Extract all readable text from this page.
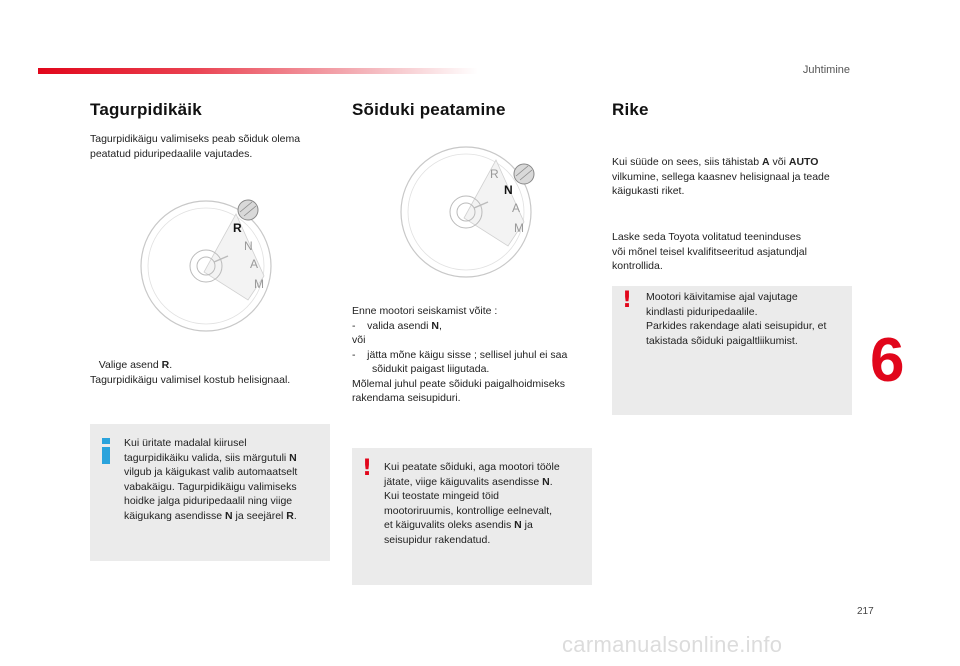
Juhtimine
Tagurpidikäik

Tagurpidikäigu valimiseks peab sõiduk olema

peatatud piduripedaalile vajutades.

R
N
A
M

Valige asend R.

Tagurpidikäigu valimisel kostub helisignaal.

Kui üritate madalal kiirusel

tagurpidikäiku valida, siis märgutuli N

vilgub ja käigukast valib automaatselt

vabakäigu. Tagurpidikäigu valimiseks

hoidke jalga piduripedaalil ning viige

käigukang asendisse N ja seejärel R.

Sõiduki peatamine
R
N
A
M

Enne mootori seiskamist võite :

- valida asendi N,

või

- jätta mõne käigu sisse ; sellisel juhul ei saa

sõidukit paigast liigutada.

Mõlemal juhul peate sõiduki paigalhoidmiseks

rakendama seisupiduri.

! Kui peatate sõiduki, aga mootori tööle

jätate, viige käiguvalits asendisse N.

Kui teostate mingeid töid

mootoriruumis, kontrollige eelnevalt,

et käiguvalits oleks asendis N ja

seisupidur rakendatud.

Rike

Kui süüde on sees, siis tähistab A või AUTO

vilkumine, sellega kaasnev helisignaal ja teade

käigukasti riket.

Laske seda Toyota volitatud teeninduses

või mõnel teisel kvalifitseeritud asjatundjal

kontrollida.

! Mootori käivitamise ajal vajutage

kindlasti piduripedaalile.

Parkides rakendage alati seisupidur, et

takistada sõiduki paigaltliikumist.	6
217
carmanualsonline.info
